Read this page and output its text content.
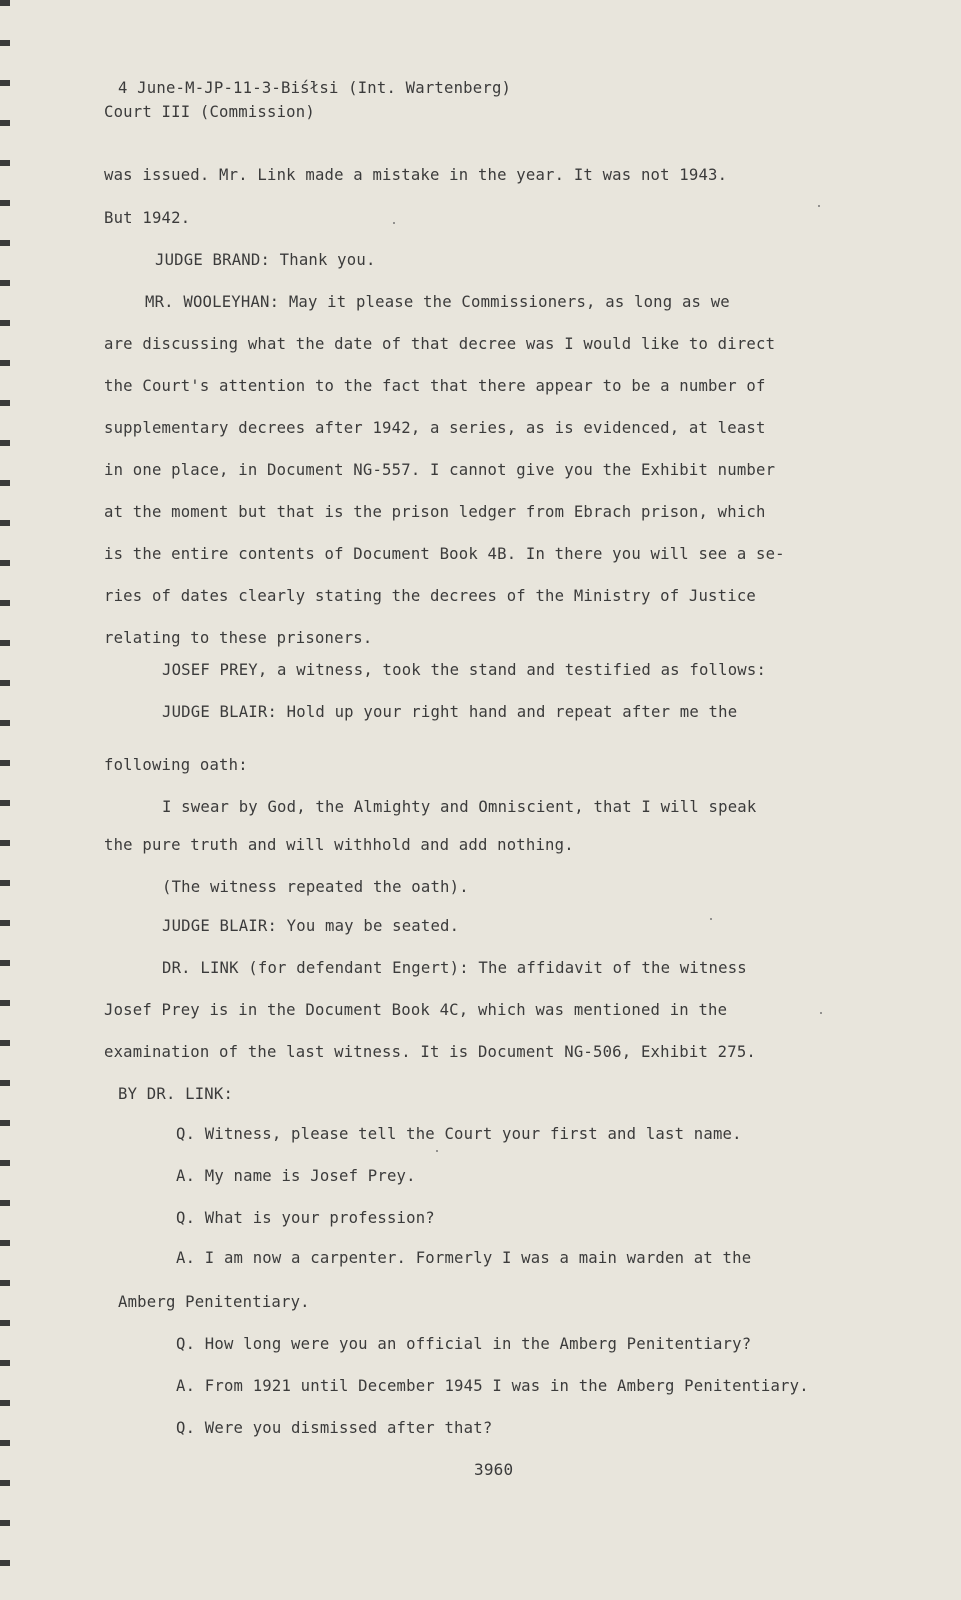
4 June-M-JP-11-3-Biśłsi (Int. Wartenberg)
Court III (Commission)
was issued. Mr. Link made a mistake in the year. It was not 1943.
But 1942.
JUDGE BRAND: Thank you.
MR. WOOLEYHAN: May it please the Commissioners, as long as we
are discussing what the date of that decree was I would like to direct
the Court's attention to the fact that there appear to be a number of
supplementary decrees after 1942, a series, as is evidenced, at least
in one place, in Document NG-557. I cannot give you the Exhibit number
at the moment but that is the prison ledger from Ebrach prison, which
is the entire contents of Document Book 4B. In there you will see a se-
ries of dates clearly stating the decrees of the Ministry of Justice
relating to these prisoners.
JOSEF PREY, a witness, took the stand and testified as follows:
JUDGE BLAIR: Hold up your right hand and repeat after me the
following oath:
I swear by God, the Almighty and Omniscient, that I will speak
the pure truth and will withhold and add nothing.
(The witness repeated the oath).
JUDGE BLAIR: You may be seated.
DR. LINK (for defendant Engert): The affidavit of the witness
Josef Prey is in the Document Book 4C, which was mentioned in the
examination of the last witness. It is Document NG-506, Exhibit 275.
BY DR. LINK:
Q. Witness, please tell the Court your first and last name.
A. My name is Josef Prey.
Q. What is your profession?
A. I am now a carpenter. Formerly I was a main warden at the
Amberg Penitentiary.
Q. How long were you an official in the Amberg Penitentiary?
A. From 1921 until December 1945 I was in the Amberg Penitentiary.
Q. Were you dismissed after that?
3960
